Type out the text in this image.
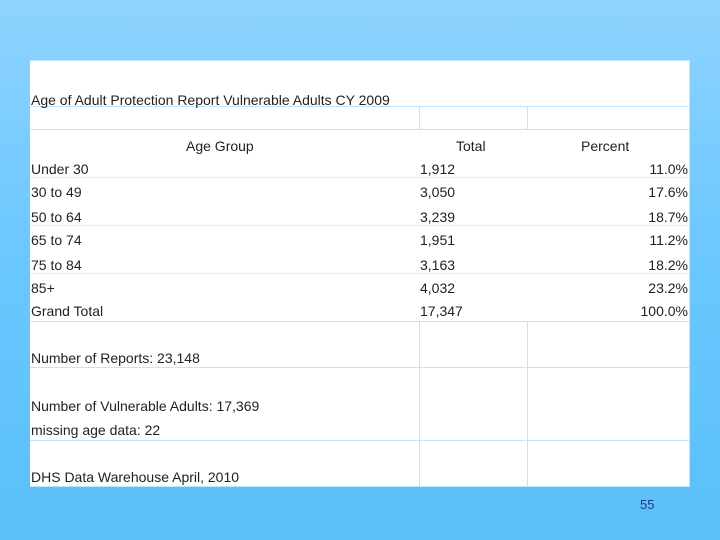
Age of Adult Protection Report Vulnerable Adults CY 2009
Age Group	Total	Percent
Under 30	1,912	11.0%
30 to 49	3,050	17.6%
50 to 64	3,239	18.7%
65 to 74	1,951	11.2%
75 to 84	3,163	18.2%
85+	4,032	23.2%
Grand Total	17,347	100.0%
Number of Reports: 23,148
Number of Vulnerable Adults: 17,369
missing age data: 22
DHS Data Warehouse April, 2010
55
